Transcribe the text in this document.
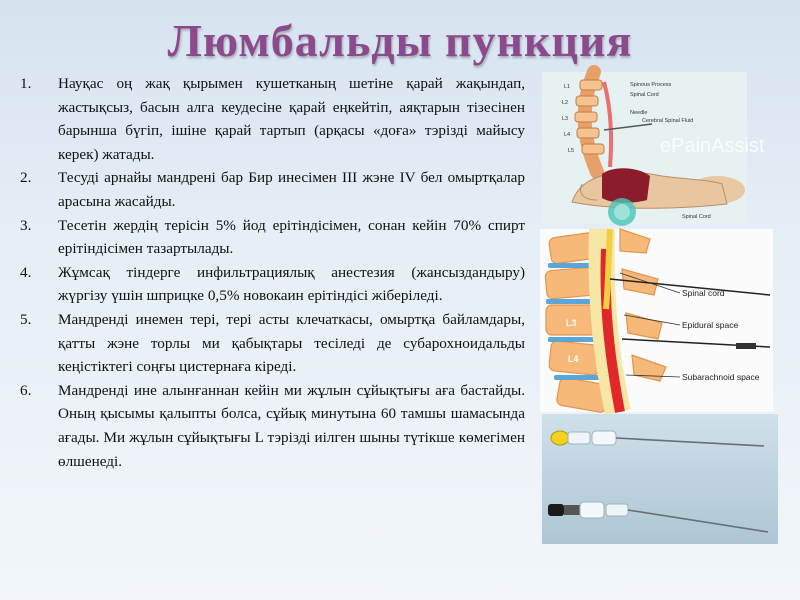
Люмбальды пункция
1.	Науқас оң жақ қырымен кушетканың шетіне қарай жақындап, жастықсыз, басын алга кеудесіне қарай еңкейтіп, аяқтарын тізесінен барынша бүгіп, ішіне қарай тартып (арқасы «доға» тэрізді майысу керек) жатады.
2.	Тесуді арнайы мандрені бар Бир инесімен III жэне IV бел омыртқалар арасына жасайды.
3.	Тесетін жердің терісін 5% йод ерітіндісімен, сонан кейін 70% спирт ерітіндісімен тазартылады.
4.	Жұмсақ тіндерге инфильтрациялық анестезия (жансыздандыру) жүргізу үшін шприцке 0,5% новокаин ерітіндісі жіберіледі.
5.	Мандренді инемен тері, тері асты клечаткасы, омыртқа байламдары, қатты жэне торлы ми қабықтары тесіледі де субарохноидальды кеңістіктегі соңғы цистернаға кіреді.
6.	Мандренді ине алынғаннан кейін ми жұлын сұйықтығы аға бастайды. Оның қысымы қалыпты болса, сұйық минутына 60 тамшы шамасында ағады. Ми жұлын сұйықтығы L тэрізді иілген шыны түтікше көмегімен өлшенеді.
Spinous Process
Spinal Cord
Needle
Cerebral Spinal Fluid
L1
L2
L3
L4
L5
Spinal Cord
ePainAssist
Spinal cord
Epidural space
Subarachnoid space
L3
L4
